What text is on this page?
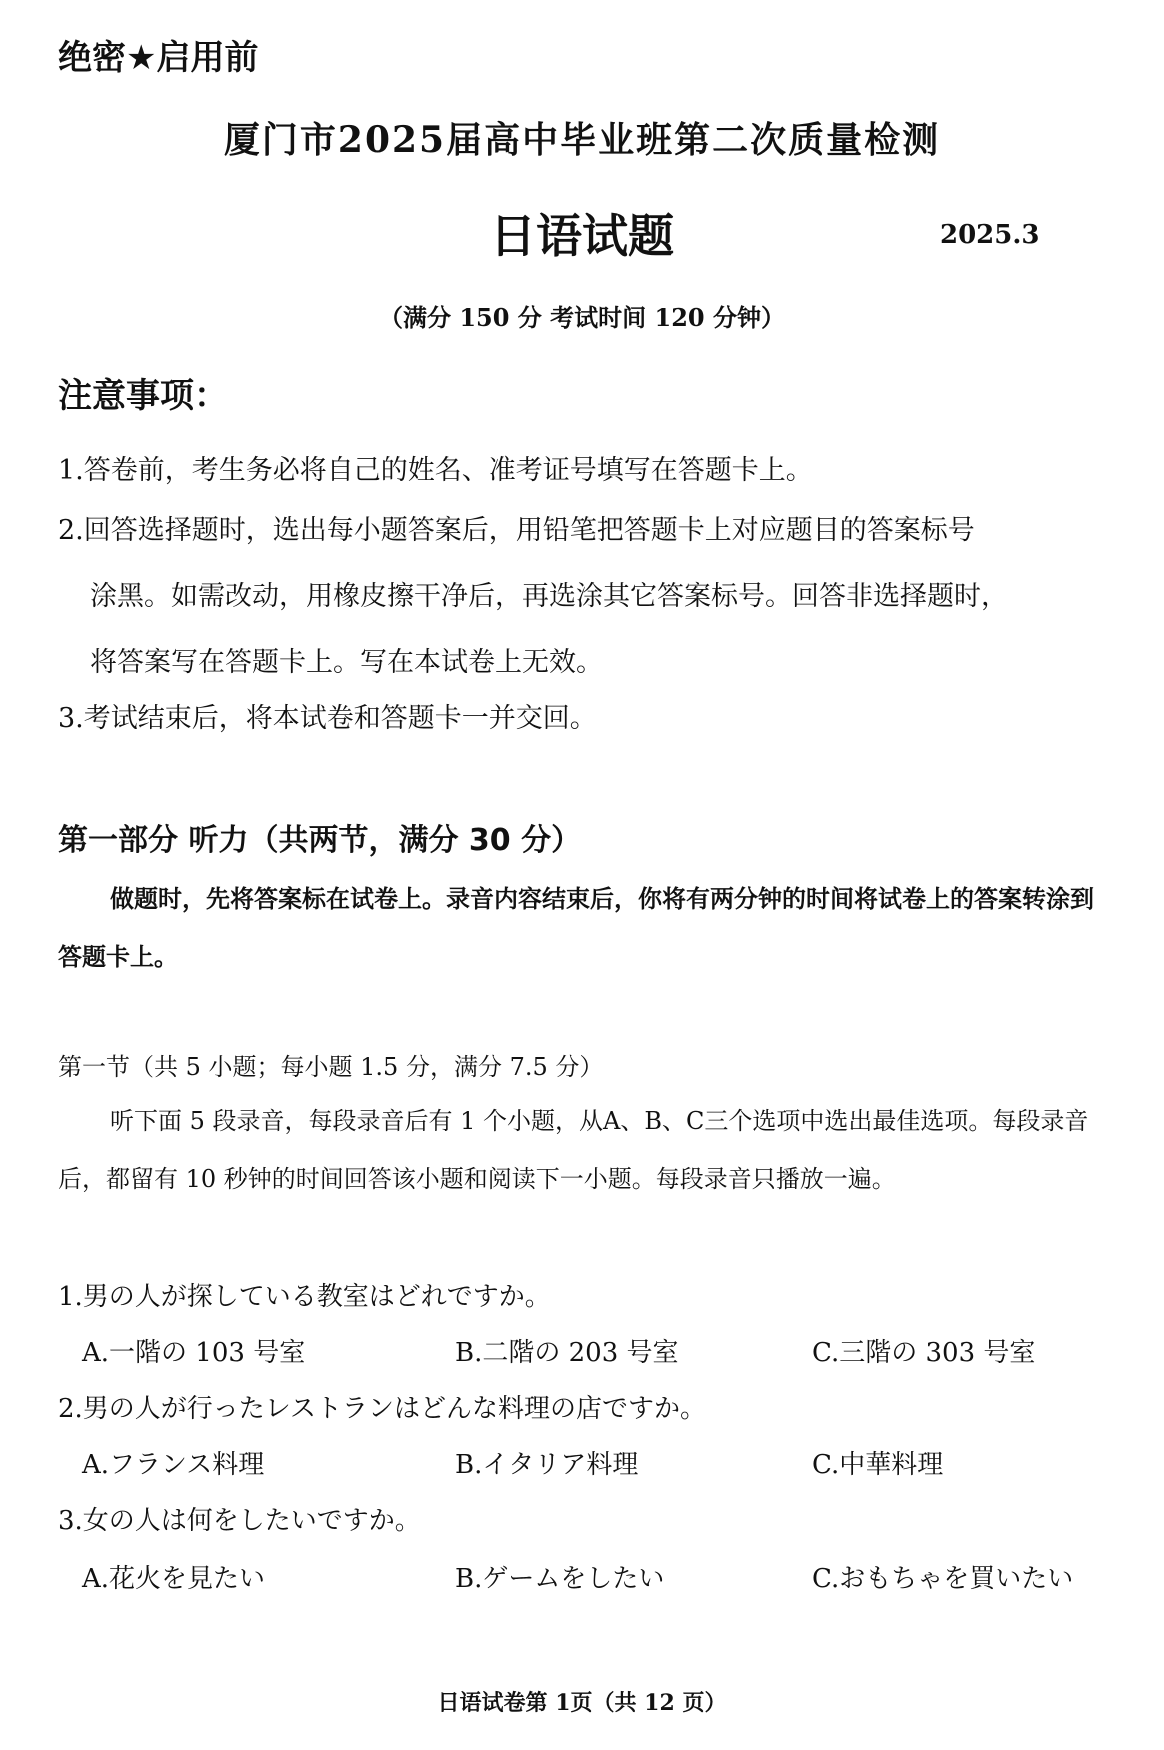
绝密★启用前
厦门市2025届高中毕业班第二次质量检测
日语试题	2025.3
（满分 150 分 考试时间 120 分钟）
注意事项：
1.答卷前，考生务必将自己的姓名、准考证号填写在答题卡上。
2.回答选择题时，选出每小题答案后，用铅笔把答题卡上对应题目的答案标号
涂黑。如需改动，用橡皮擦干净后，再选涂其它答案标号。回答非选择题时，
将答案写在答题卡上。写在本试卷上无效。
3.考试结束后，将本试卷和答题卡一并交回。
第一部分 听力（共两节，满分 30 分）
做题时，先将答案标在试卷上。录音内容结束后，你将有两分钟的时间将试卷上的答案转涂到答题卡上。
第一节（共 5 小题；每小题 1.5 分，满分 7.5 分）
听下面 5 段录音，每段录音后有 1 个小题，从A、B、C三个选项中选出最佳选项。每段录音后，都留有 10 秒钟的时间回答该小题和阅读下一小题。每段录音只播放一遍。
1.男の人が探している教室はどれですか。
A.一階の 103 号室	B.二階の 203 号室	C.三階の 303 号室
2.男の人が行ったレストランはどんな料理の店ですか。
A.フランス料理	B.イタリア料理	C.中華料理
3.女の人は何をしたいですか。
A.花火を見たい	B.ゲームをしたい	C.おもちゃを買いたい
日语试卷第 1页（共 12 页）
